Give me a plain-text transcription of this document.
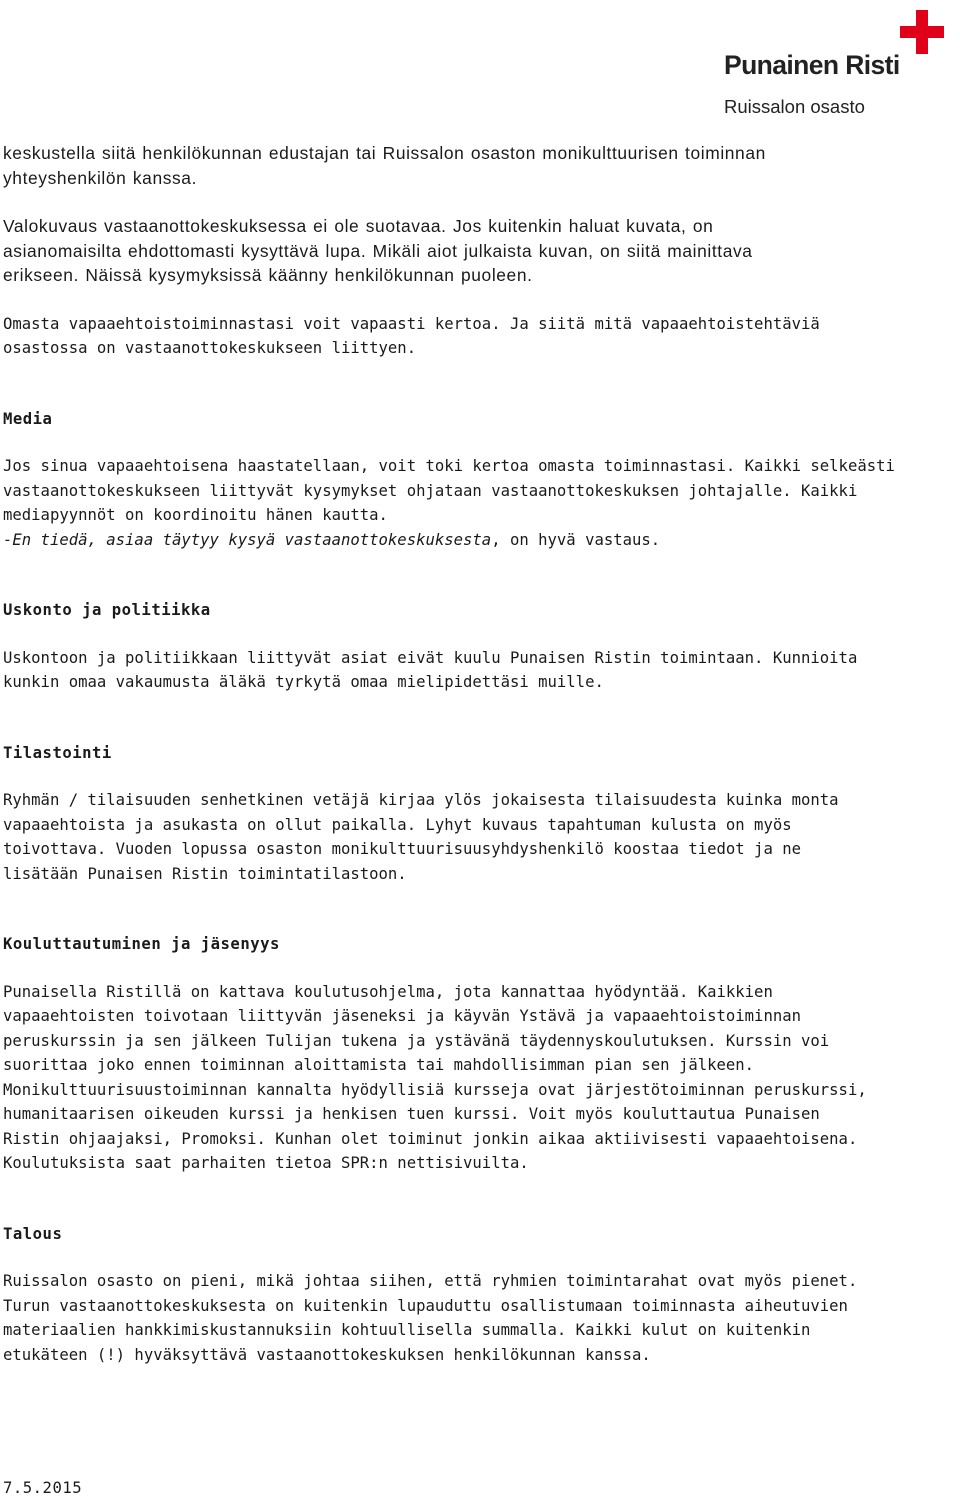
Punainen Risti
Ruissalon osasto

keskustella siitä henkilökunnan edustajan tai Ruissalon osaston monikulttuurisen toiminnan

yhteyshenkilön kanssa.

Valokuvaus vastaanottokeskuksessa ei ole suotavaa. Jos kuitenkin haluat kuvata, on

asianomaisilta ehdottomasti kysyttävä lupa. Mikäli aiot julkaista kuvan, on siitä mainittava

erikseen. Näissä kysymyksissä käänny henkilökunnan puoleen.

Omasta vapaaehtoistoiminnastasi voit vapaasti kertoa. Ja siitä mitä vapaaehtoistehtäviä

osastossa on vastaanottokeskukseen liittyen.

Media

Jos sinua vapaaehtoisena haastatellaan, voit toki kertoa omasta toiminnastasi. Kaikki selkeästi

vastaanottokeskukseen liittyvät kysymykset ohjataan vastaanottokeskuksen johtajalle. Kaikki

mediapyynnöt on koordinoitu hänen kautta.

-En tiedä, asiaa täytyy kysyä vastaanottokeskuksesta, on hyvä vastaus.

Uskonto ja politiikka

Uskontoon ja politiikkaan liittyvät asiat eivät kuulu Punaisen Ristin toimintaan. Kunnioita

kunkin omaa vakaumusta äläkä tyrkytä omaa mielipidettäsi muille.

Tilastointi

Ryhmän / tilaisuuden senhetkinen vetäjä kirjaa ylös jokaisesta tilaisuudesta kuinka monta

vapaaehtoista ja asukasta on ollut paikalla. Lyhyt kuvaus tapahtuman kulusta on myös

toivottava. Vuoden lopussa osaston monikulttuurisuusyhdyshenkilö koostaa tiedot ja ne

lisätään Punaisen Ristin toimintatilastoon.

Kouluttautuminen ja jäsenyys

Punaisella Ristillä on kattava koulutusohjelma, jota kannattaa hyödyntää. Kaikkien

vapaaehtoisten toivotaan liittyvän jäseneksi ja käyvän Ystävä ja vapaaehtoistoiminnan

peruskurssin ja sen jälkeen Tulijan tukena ja ystävänä täydennyskoulutuksen. Kurssin voi

suorittaa joko ennen toiminnan aloittamista tai mahdollisimman pian sen jälkeen.

Monikulttuurisuustoiminnan kannalta hyödyllisiä kursseja ovat järjestötoiminnan peruskurssi,

humanitaarisen oikeuden kurssi ja henkisen tuen kurssi. Voit myös kouluttautua Punaisen

Ristin ohjaajaksi, Promoksi. Kunhan olet toiminut jonkin aikaa aktiivisesti vapaaehtoisena.

Koulutuksista saat parhaiten tietoa SPR:n nettisivuilta.

Talous

Ruissalon osasto on pieni, mikä johtaa siihen, että ryhmien toimintarahat ovat myös pienet.

Turun vastaanottokeskuksesta on kuitenkin lupauduttu osallistumaan toiminnasta aiheutuvien

materiaalien hankkimiskustannuksiin kohtuullisella summalla. Kaikki kulut on kuitenkin

etukäteen (!) hyväksyttävä vastaanottokeskuksen henkilökunnan kanssa.

7.5.2015
